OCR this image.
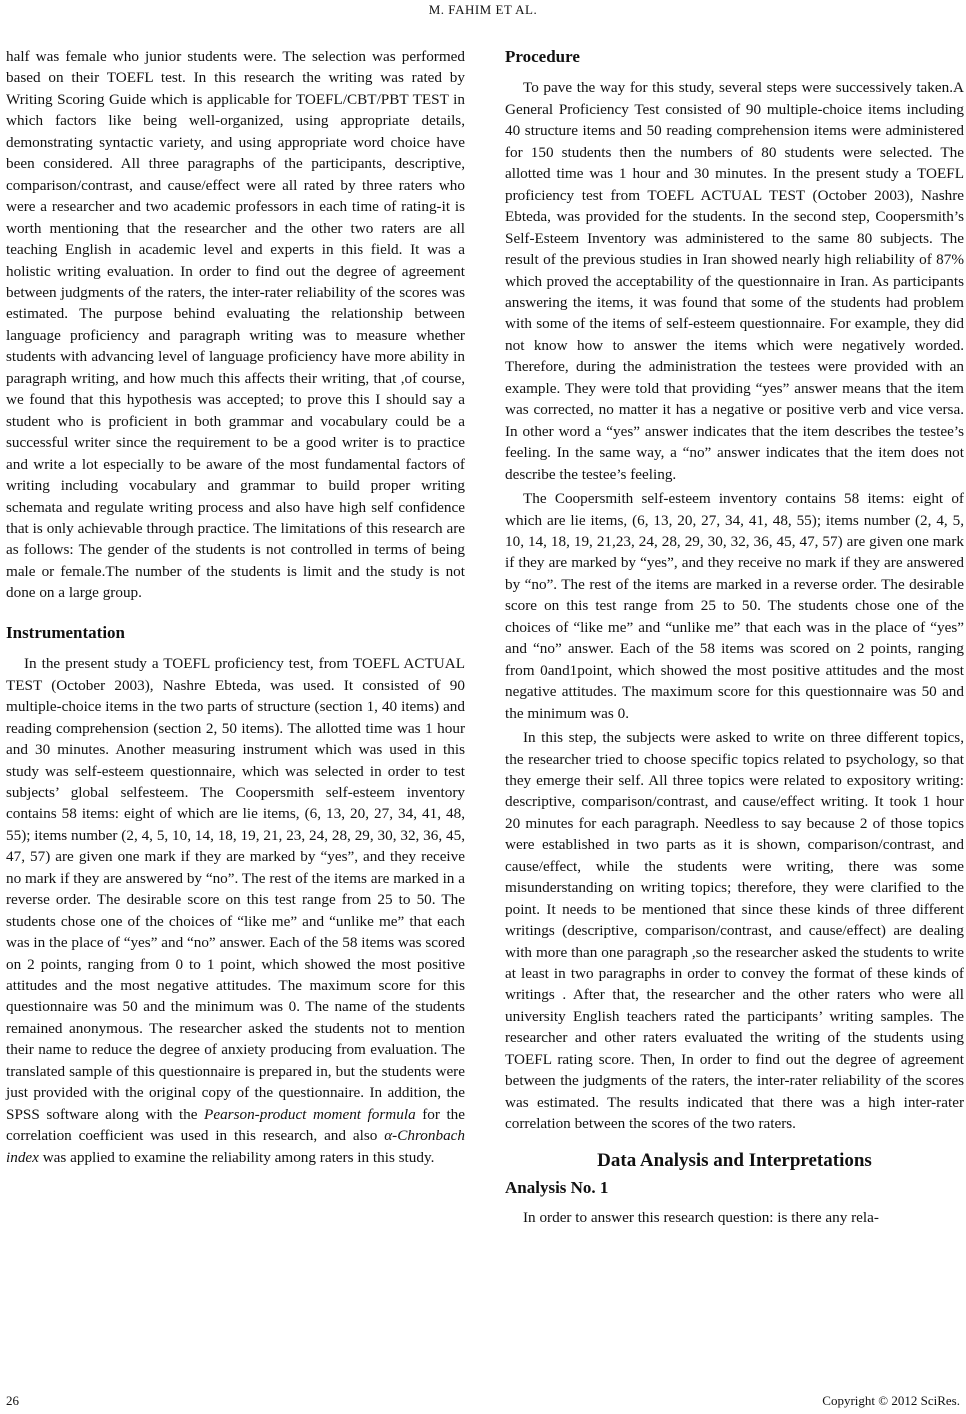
M. FAHIM ET AL.

half was female who junior students were. The selection was performed based on their TOEFL test. In this research the writing was rated by Writing Scoring Guide which is applicable for TOEFL/CBT/PBT TEST in which factors like being well-organized, using appropriate details, demonstrating syntactic variety, and using appropriate word choice have been considered. All three paragraphs of the participants, descriptive, comparison/contrast, and cause/effect were all rated by three raters who were a researcher and two academic professors in each time of rating-it is worth mentioning that the researcher and the other two raters are all teaching English in academic level and experts in this field. It was a holistic writing evaluation. In order to find out the degree of agreement between judgments of the raters, the inter-rater reliability of the scores was estimated. The purpose behind evaluating the relationship between language proficiency and paragraph writing was to measure whether students with advancing level of language proficiency have more ability in paragraph writing, and how much this affects their writing, that ,of course, we found that this hypothesis was accepted; to prove this I should say a student who is proficient in both grammar and vocabulary could be a successful writer since the requirement to be a good writer is to practice and write a lot especially to be aware of the most fundamental factors of writing including vocabulary and grammar to build proper writing schemata and regulate writing process and also have high self confidence that is only achievable through practice. The limitations of this research are as follows: The gender of the students is not controlled in terms of being male or female.The number of the students is limit and the study is not done on a large group.

Instrumentation

In the present study a TOEFL proficiency test, from TOEFL ACTUAL TEST (October 2003), Nashre Ebteda, was used. It consisted of 90 multiple-choice items in the two parts of structure (section 1, 40 items) and reading comprehension (section 2, 50 items). The allotted time was 1 hour and 30 minutes. Another measuring instrument which was used in this study was self-esteem questionnaire, which was selected in order to test subjects’ global selfesteem. The Coopersmith self-esteem inventory contains 58 items: eight of which are lie items, (6, 13, 20, 27, 34, 41, 48, 55); items number (2, 4, 5, 10, 14, 18, 19, 21, 23, 24, 28, 29, 30, 32, 36, 45, 47, 57) are given one mark if they are marked by “yes”, and they receive no mark if they are answered by “no”. The rest of the items are marked in a reverse order. The desirable score on this test range from 25 to 50. The students chose one of the choices of “like me” and “unlike me” that each was in the place of “yes” and “no” answer. Each of the 58 items was scored on 2 points, ranging from 0 to 1 point, which showed the most positive attitudes and the most negative attitudes. The maximum score for this questionnaire was 50 and the minimum was 0. The name of the students remained anonymous. The researcher asked the students not to mention their name to reduce the degree of anxiety producing from evaluation. The translated sample of this questionnaire is prepared in, but the students were just provided with the original copy of the questionnaire. In addition, the SPSS software along with the Pearson-product moment formula for the correlation coefficient was used in this research, and also α-Chronbach index was applied to examine the reliability among raters in this study.

Procedure

To pave the way for this study, several steps were successively taken.A General Proficiency Test consisted of 90 multiple-choice items including 40 structure items and 50 reading comprehension items were administered for 150 students then the numbers of 80 students were selected. The allotted time was 1 hour and 30 minutes. In the present study a TOEFL proficiency test from TOEFL ACTUAL TEST (October 2003), Nashre Ebteda, was provided for the students. In the second step, Coopersmith’s Self-Esteem Inventory was administered to the same 80 subjects. The result of the previous studies in Iran showed nearly high reliability of 87% which proved the acceptability of the questionnaire in Iran. As participants answering the items, it was found that some of the students had problem with some of the items of self-esteem questionnaire. For example, they did not know how to answer the items which were negatively worded. Therefore, during the administration the testees were provided with an example. They were told that providing “yes” answer means that the item was corrected, no matter it has a negative or positive verb and vice versa. In other word a “yes” answer indicates that the item describes the testee’s feeling. In the same way, a “no” answer indicates that the item does not describe the testee’s feeling.

The Coopersmith self-esteem inventory contains 58 items: eight of which are lie items, (6, 13, 20, 27, 34, 41, 48, 55); items number (2, 4, 5, 10, 14, 18, 19, 21,23, 24, 28, 29, 30, 32, 36, 45, 47, 57) are given one mark if they are marked by “yes”, and they receive no mark if they are answered by “no”. The rest of the items are marked in a reverse order. The desirable score on this test range from 25 to 50. The students chose one of the choices of “like me” and “unlike me” that each was in the place of “yes” and “no” answer. Each of the 58 items was scored on 2 points, ranging from 0and1point, which showed the most positive attitudes and the most negative attitudes. The maximum score for this questionnaire was 50 and the minimum was 0.

In this step, the subjects were asked to write on three different topics, the researcher tried to choose specific topics related to psychology, so that they emerge their self. All three topics were related to expository writing: descriptive, comparison/contrast, and cause/effect writing. It took 1 hour 20 minutes for each paragraph. Needless to say because 2 of those topics were established in two parts as it is shown, comparison/contrast, and cause/effect, while the students were writing, there was some misunderstanding on writing topics; therefore, they were clarified to the point. It needs to be mentioned that since these kinds of three different writings (descriptive, comparison/contrast, and cause/effect) are dealing with more than one paragraph ,so the researcher asked the students to write at least in two paragraphs in order to convey the format of these kinds of writings . After that, the researcher and the other raters who were all university English teachers rated the participants’ writing samples. The researcher and other raters evaluated the writing of the students using TOEFL rating score. Then, In order to find out the degree of agreement between the judgments of the raters, the inter-rater reliability of the scores was estimated. The results indicated that there was a high inter-rater correlation between the scores of the two raters.

Data Analysis and Interpretations
Analysis No. 1

In order to answer this research question: is there any rela-

26	Copyright © 2012 SciRes.
